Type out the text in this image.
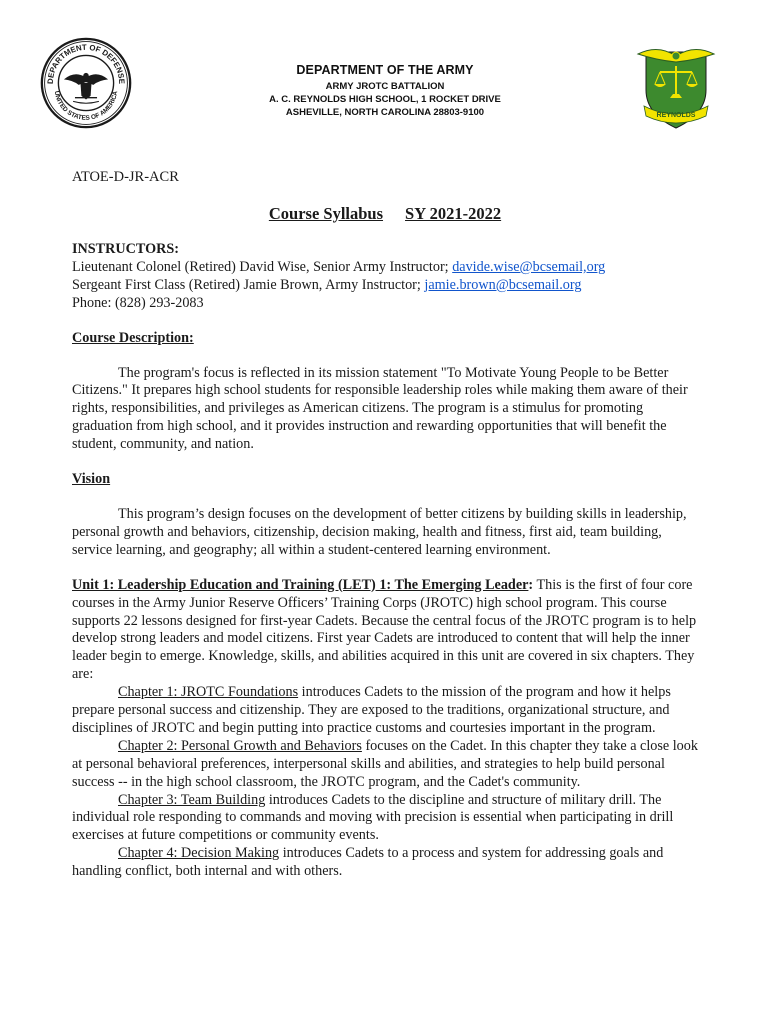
DEPARTMENT OF DEFENSE
UNITED STATES OF AMERICA
DEPARTMENT OF THE ARMY
ARMY JROTC BATTALION
A. C. REYNOLDS HIGH SCHOOL, 1 ROCKET DRIVE
ASHEVILLE, NORTH CAROLINA 28803-9100	REYNOLDS
ATOE-D-JR-ACR
Course Syllabus SY 2021-2022
INSTRUCTORS:
Lieutenant Colonel (Retired) David Wise, Senior Army Instructor; davide.wise@bcsemail,org
Sergeant First Class (Retired) Jamie Brown, Army Instructor; jamie.brown@bcsemail.org
Phone: (828) 293-2083
Course Description:
The program's focus is reflected in its mission statement "To Motivate Young People to be Better Citizens." It prepares high school students for responsible leadership roles while making them aware of their rights, responsibilities, and privileges as American citizens. The program is a stimulus for promoting graduation from high school, and it provides instruction and rewarding opportunities that will benefit the student, community, and nation.
Vision
This program’s design focuses on the development of better citizens by building skills in leadership, personal growth and behaviors, citizenship, decision making, health and fitness, first aid, team building, service learning, and geography; all within a student-centered learning environment.
Unit 1: Leadership Education and Training (LET) 1: The Emerging Leader: This is the first of four core courses in the Army Junior Reserve Officers’ Training Corps (JROTC) high school program. This course supports 22 lessons designed for first-year Cadets. Because the central focus of the JROTC program is to help develop strong leaders and model citizens. First year Cadets are introduced to content that will help the inner leader begin to emerge. Knowledge, skills, and abilities acquired in this unit are covered in six chapters. They are:
Chapter 1: JROTC Foundations introduces Cadets to the mission of the program and how it helps prepare personal success and citizenship. They are exposed to the traditions, organizational structure, and disciplines of JROTC and begin putting into practice customs and courtesies important in the program.
Chapter 2: Personal Growth and Behaviors focuses on the Cadet. In this chapter they take a close look at personal behavioral preferences, interpersonal skills and abilities, and strategies to help build personal success -- in the high school classroom, the JROTC program, and the Cadet's community.
Chapter 3: Team Building introduces Cadets to the discipline and structure of military drill. The individual role responding to commands and moving with precision is essential when participating in drill exercises at future competitions or community events.
Chapter 4: Decision Making introduces Cadets to a process and system for addressing goals and handling conflict, both internal and with others.
